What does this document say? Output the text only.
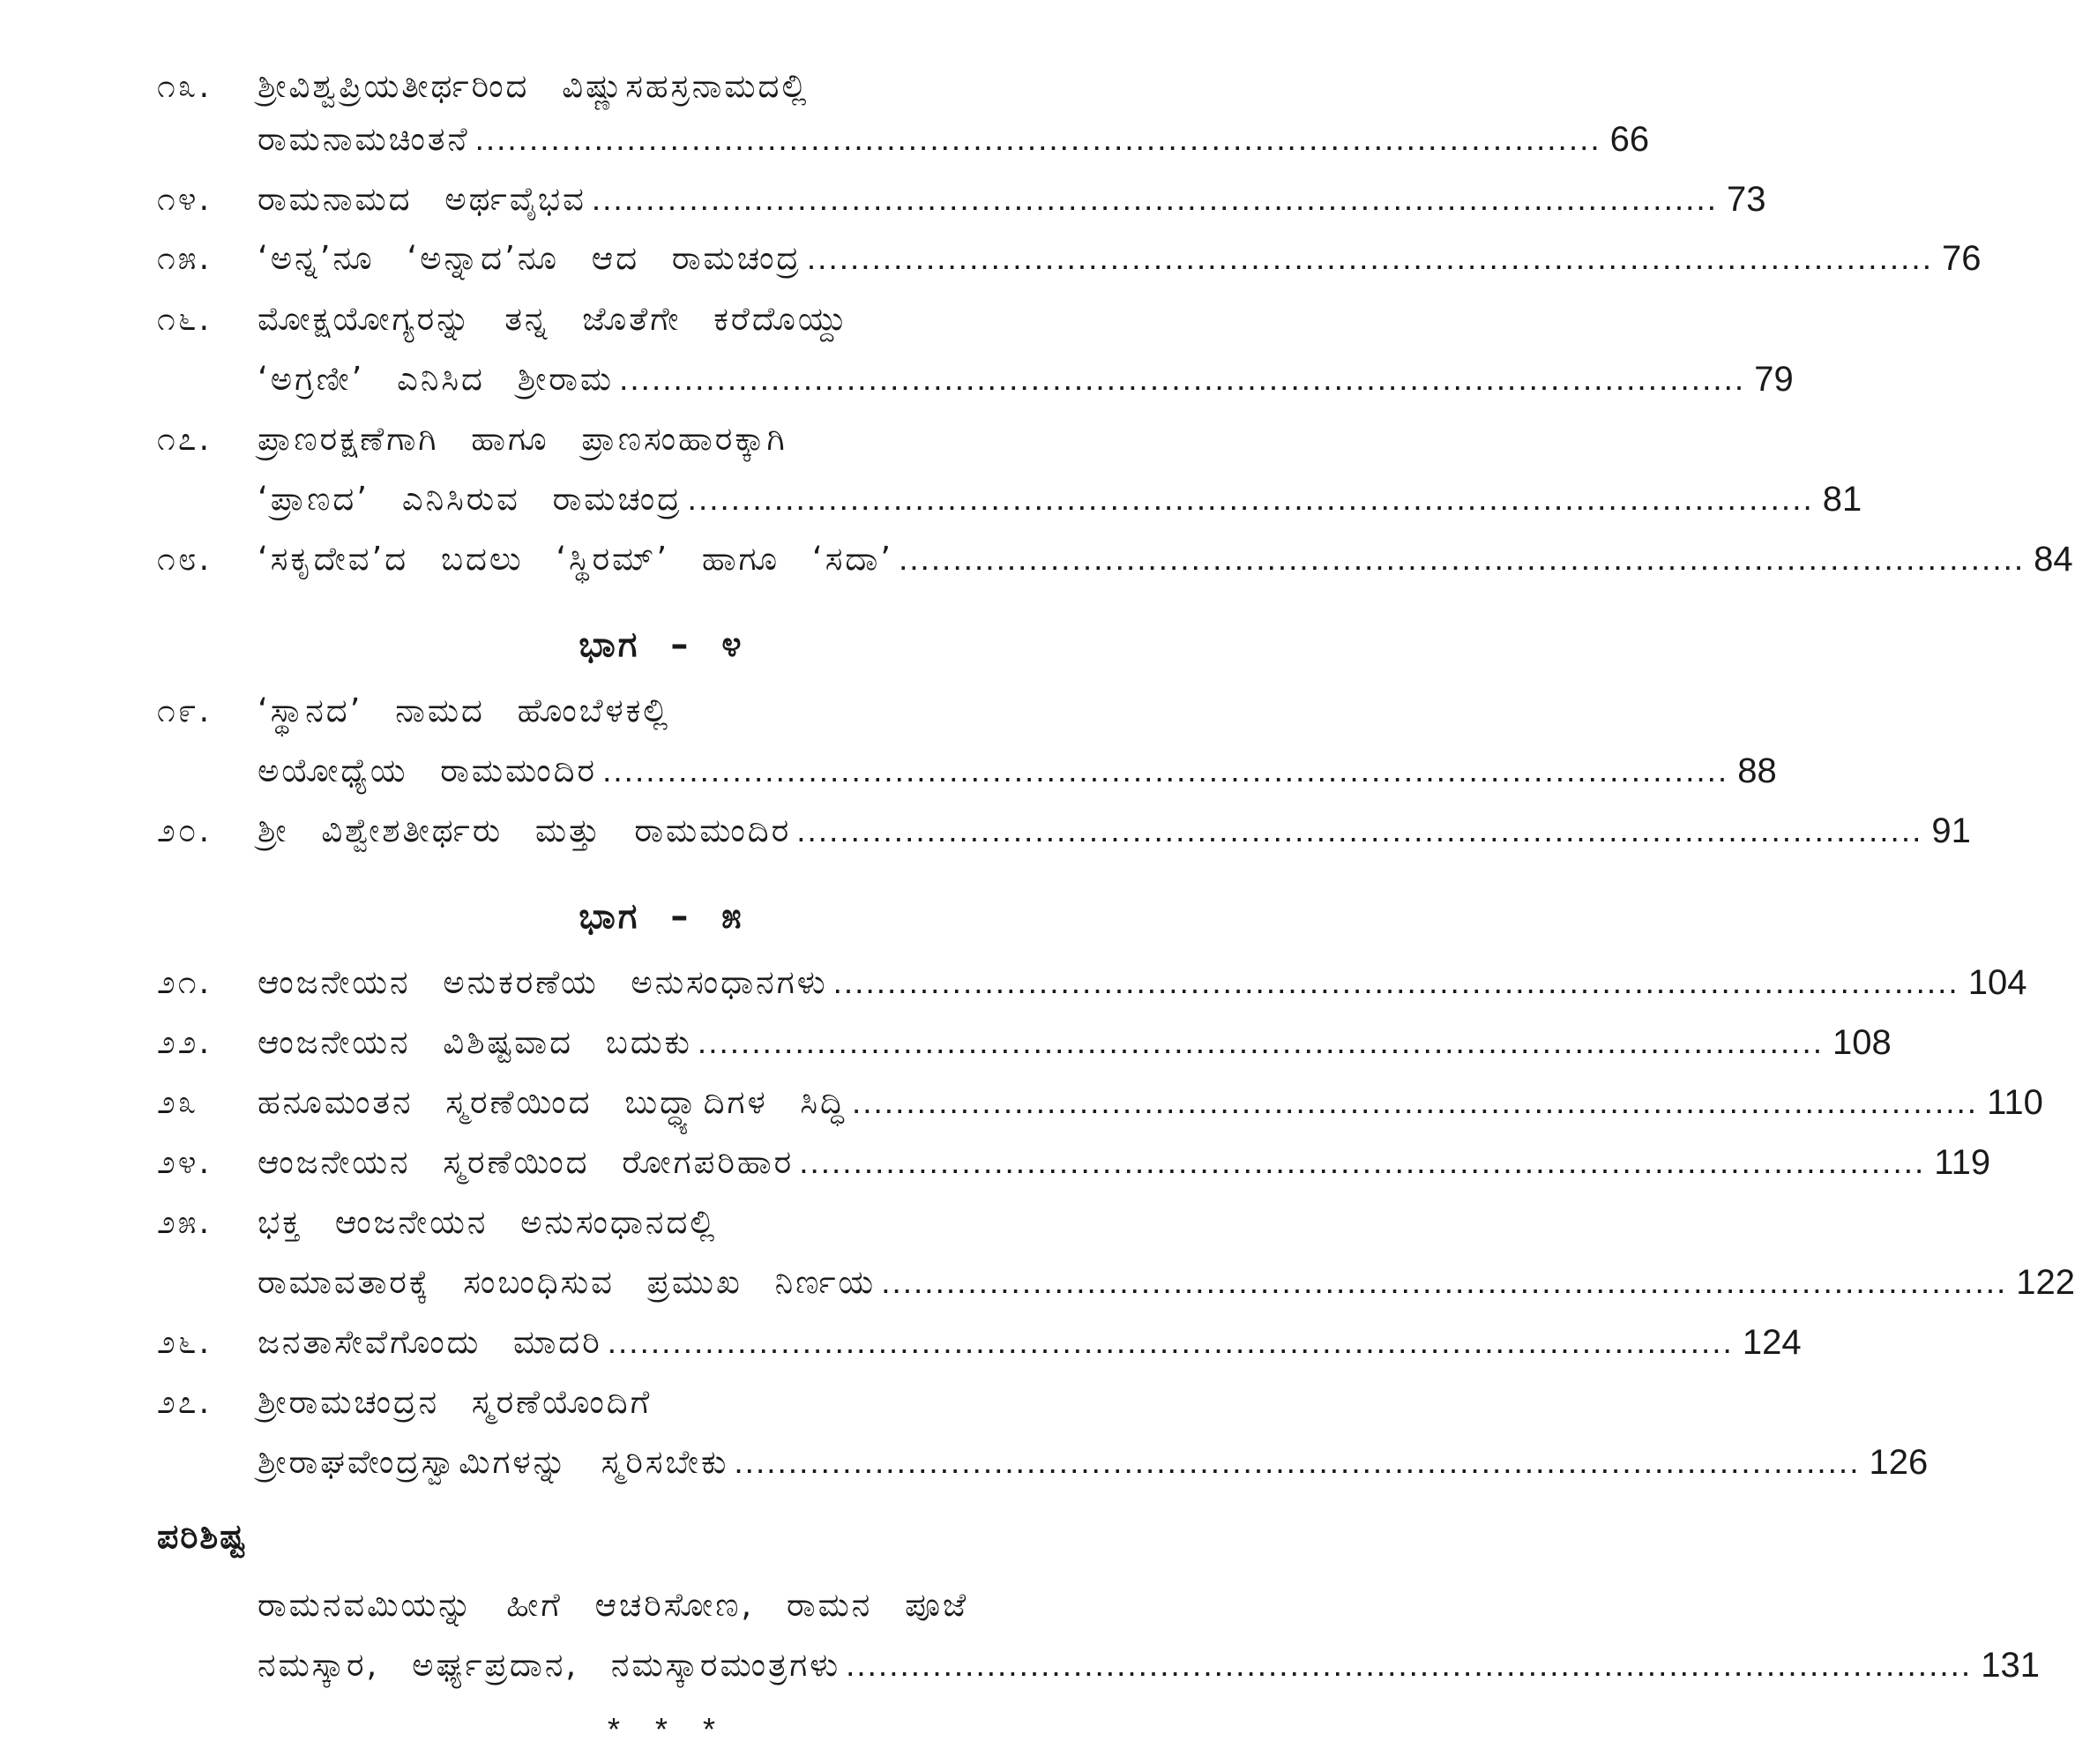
೧೩.	ಶ್ರೀವಿಶ್ವಪ್ರಿಯತೀರ್ಥರಿಂದ ವಿಷ್ಣುಸಹಸ್ರನಾಮದಲ್ಲಿ
ರಾಮನಾಮಚಿಂತನೆ ........................................................................................................ 66
೧೪.	ರಾಮನಾಮದ ಅರ್ಥವೈಭವ ........................................................................................................ 73
೧೫.	‘ಅನ್ನ’ನೂ ‘ಅನ್ನಾದ’ನೂ ಆದ ರಾಮಚಂದ್ರ ........................................................................................................ 76
೧೬.	ಮೋಕ್ಷಯೋಗ್ಯರನ್ನು ತನ್ನ ಜೊತೆಗೇ ಕರೆದೊಯ್ದು
‘ಅಗ್ರಣೀ’ ಎನಿಸಿದ ಶ್ರೀರಾಮ ........................................................................................................ 79
೧೭.	ಪ್ರಾಣರಕ್ಷಣೆಗಾಗಿ ಹಾಗೂ ಪ್ರಾಣಸಂಹಾರಕ್ಕಾಗಿ
‘ಪ್ರಾಣದ’ ಎನಿಸಿರುವ ರಾಮಚಂದ್ರ ........................................................................................................ 81
೧೮.	‘ಸಕೃದೇವ’ದ ಬದಲು ‘ಸ್ಥಿರಮ್’ ಹಾಗೂ ‘ಸದಾ’ ........................................................................................................ 84
ಭಾಗ – ೪
೧೯.	‘ಸ್ಥಾನದ’ ನಾಮದ ಹೊಂಬೆಳಕಲ್ಲಿ
ಅಯೋಧ್ಯೆಯ ರಾಮಮಂದಿರ ........................................................................................................ 88
೨೦.	ಶ್ರೀ ವಿಶ್ವೇಶತೀರ್ಥರು ಮತ್ತು ರಾಮಮಂದಿರ ........................................................................................................ 91
ಭಾಗ – ೫
೨೧.	ಆಂಜನೇಯನ ಅನುಕರಣೆಯ ಅನುಸಂಧಾನಗಳು ........................................................................................................ 104
೨೨.	ಆಂಜನೇಯನ ವಿಶಿಷ್ಟವಾದ ಬದುಕು ........................................................................................................ 108
೨೩	ಹನೂಮಂತನ ಸ್ಮರಣೆಯಿಂದ ಬುದ್ಧ್ಯಾದಿಗಳ ಸಿದ್ಧಿ ........................................................................................................ 110
೨೪.	ಆಂಜನೇಯನ ಸ್ಮರಣೆಯಿಂದ ರೋಗಪರಿಹಾರ ........................................................................................................ 119
೨೫.	ಭಕ್ತ ಆಂಜನೇಯನ ಅನುಸಂಧಾನದಲ್ಲಿ
ರಾಮಾವತಾರಕ್ಕೆ ಸಂಬಂಧಿಸುವ ಪ್ರಮುಖ ನಿರ್ಣಯ ........................................................................................................ 122
೨೬.	ಜನತಾಸೇವೆಗೊಂದು ಮಾದರಿ ........................................................................................................ 124
೨೭.	ಶ್ರೀರಾಮಚಂದ್ರನ ಸ್ಮರಣೆಯೊಂದಿಗೆ
ಶ್ರೀರಾಘವೇಂದ್ರಸ್ವಾಮಿಗಳನ್ನು ಸ್ಮರಿಸಬೇಕು ........................................................................................................ 126
ಪರಿಶಿಷ್ಟ
ರಾಮನವಮಿಯನ್ನು ಹೀಗೆ ಆಚರಿಸೋಣ, ರಾಮನ ಪೂಜೆ
ನಮಸ್ಕಾರ, ಅರ್ಘ್ಯಪ್ರದಾನ, ನಮಸ್ಕಾರಮಂತ್ರಗಳು ........................................................................................................ 131
* * *
